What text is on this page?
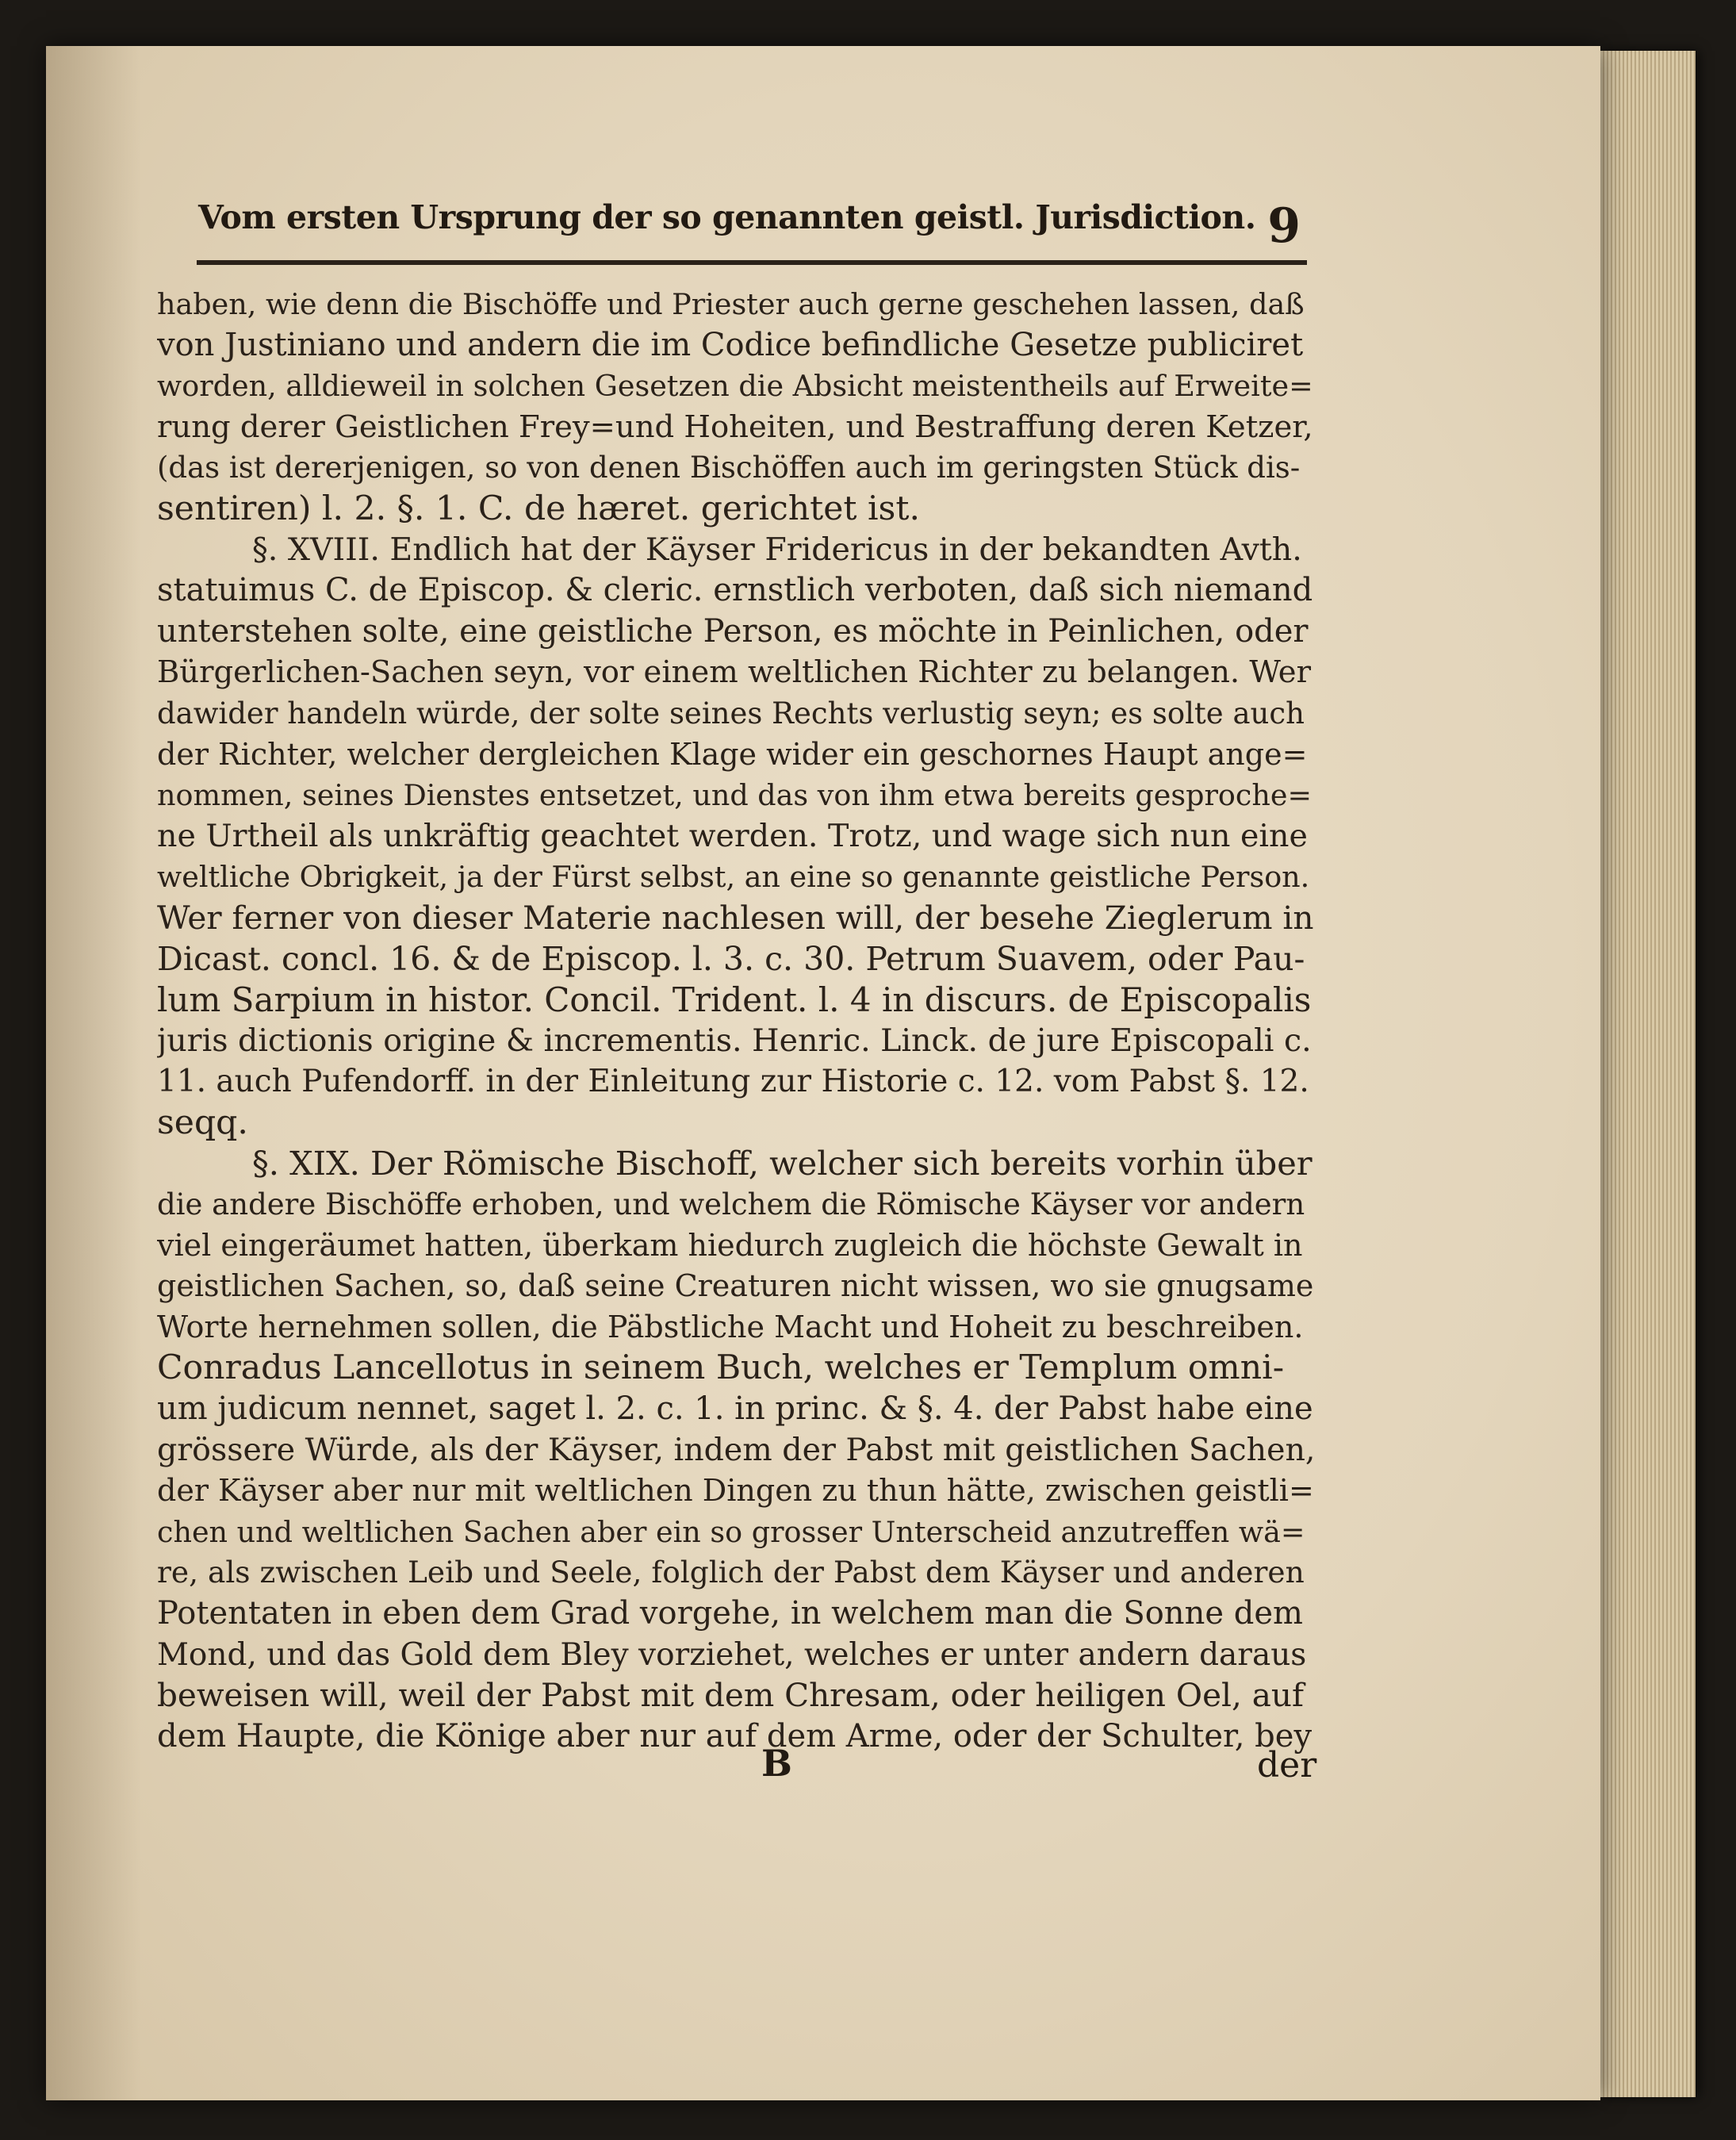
Vom ersten Ursprung der so genannten geistl. Jurisdiction. 9
haben, wie denn die Bischöffe und Priester auch gerne geschehen lassen, daß
von Justiniano und andern die im Codice befindliche Gesetze publiciret
worden, alldieweil in solchen Gesetzen die Absicht meistentheils auf Erweite=
rung derer Geistlichen Frey=und Hoheiten, und Bestraffung deren Ketzer,
(das ist dererjenigen, so von denen Bischöffen auch im geringsten Stück dis-
sentiren) l. 2. §. 1. C. de hæret. gerichtet ist.
§. XVIII. Endlich hat der Käyser Fridericus in der bekandten Avth.
statuimus C. de Episcop. & cleric. ernstlich verboten, daß sich niemand
unterstehen solte, eine geistliche Person, es möchte in Peinlichen, oder
Bürgerlichen-Sachen seyn, vor einem weltlichen Richter zu belangen. Wer
dawider handeln würde, der solte seines Rechts verlustig seyn; es solte auch
der Richter, welcher dergleichen Klage wider ein geschornes Haupt ange=
nommen, seines Dienstes entsetzet, und das von ihm etwa bereits gesproche=
ne Urtheil als unkräftig geachtet werden. Trotz, und wage sich nun eine
weltliche Obrigkeit, ja der Fürst selbst, an eine so genannte geistliche Person.
Wer ferner von dieser Materie nachlesen will, der besehe Zieglerum in
Dicast. concl. 16. & de Episcop. l. 3. c. 30. Petrum Suavem, oder Pau-
lum Sarpium in histor. Concil. Trident. l. 4 in discurs. de Episcopalis
juris dictionis origine & incrementis. Henric. Linck. de jure Episcopali c.
11. auch Pufendorff. in der Einleitung zur Historie c. 12. vom Pabst §. 12.
seqq.
§. XIX. Der Römische Bischoff, welcher sich bereits vorhin über
die andere Bischöffe erhoben, und welchem die Römische Käyser vor andern
viel eingeräumet hatten, überkam hiedurch zugleich die höchste Gewalt in
geistlichen Sachen, so, daß seine Creaturen nicht wissen, wo sie gnugsame
Worte hernehmen sollen, die Päbstliche Macht und Hoheit zu beschreiben.
Conradus Lancellotus in seinem Buch, welches er Templum omni-
um judicum nennet, saget l. 2. c. 1. in princ. & §. 4. der Pabst habe eine
grössere Würde, als der Käyser, indem der Pabst mit geistlichen Sachen,
der Käyser aber nur mit weltlichen Dingen zu thun hätte, zwischen geistli=
chen und weltlichen Sachen aber ein so grosser Unterscheid anzutreffen wä=
re, als zwischen Leib und Seele, folglich der Pabst dem Käyser und anderen
Potentaten in eben dem Grad vorgehe, in welchem man die Sonne dem
Mond, und das Gold dem Bley vorziehet, welches er unter andern daraus
beweisen will, weil der Pabst mit dem Chresam, oder heiligen Oel, auf
dem Haupte, die Könige aber nur auf dem Arme, oder der Schulter, bey
B	der
